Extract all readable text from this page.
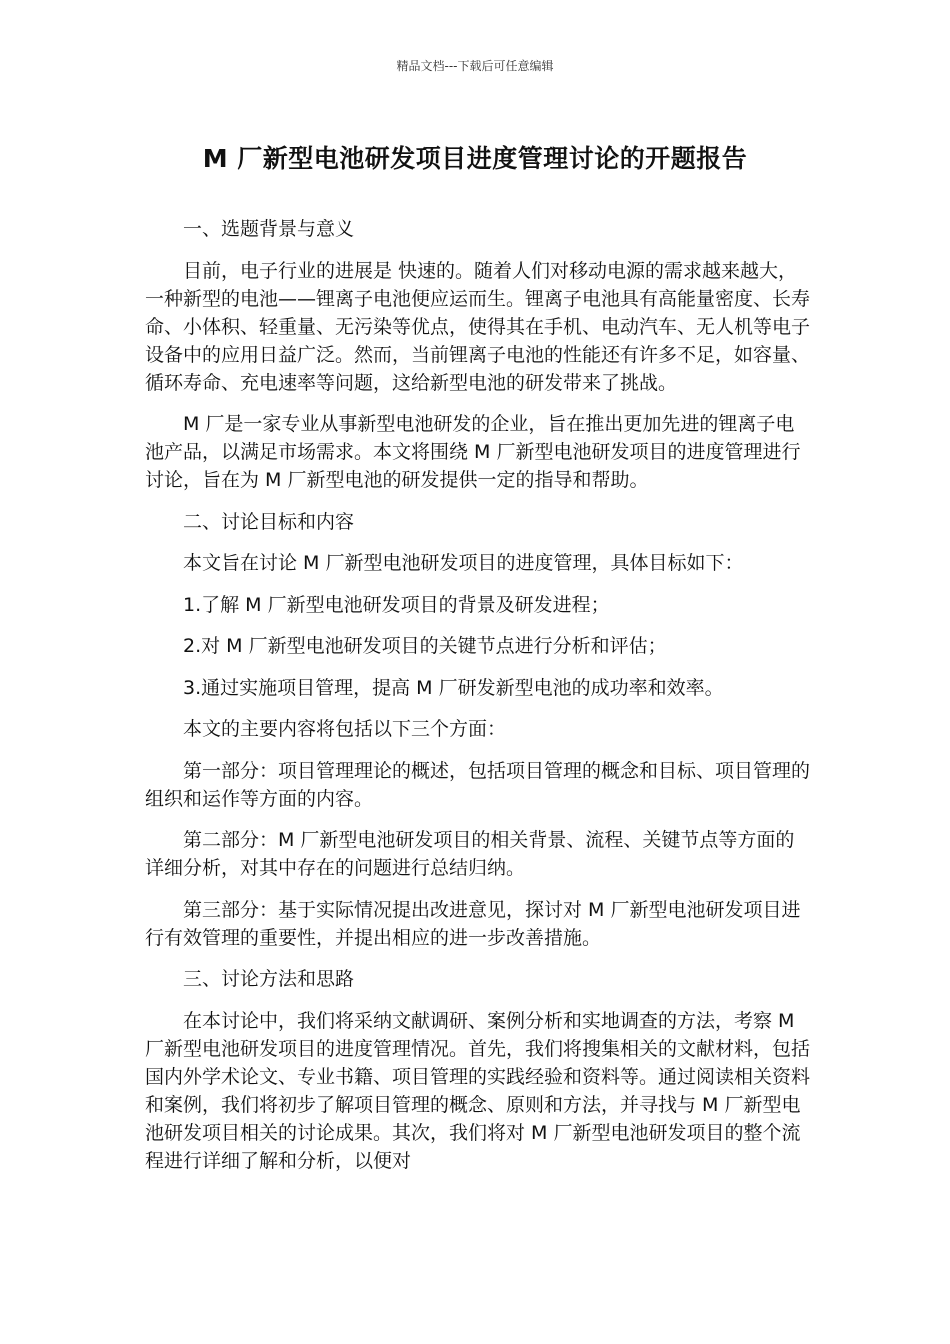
精品文档---下载后可任意编辑
M 厂新型电池研发项目进度管理讨论的开题报告

一、选题背景与意义

目前，电子行业的进展是 快速的。随着人们对移动电源的需求越来越大，一种新型的电池——锂离子电池便应运而生。锂离子电池具有高能量密度、长寿命、小体积、轻重量、无污染等优点，使得其在手机、电动汽车、无人机等电子设备中的应用日益广泛。然而，当前锂离子电池的性能还有许多不足，如容量、循环寿命、充电速率等问题，这给新型电池的研发带来了挑战。

M 厂是一家专业从事新型电池研发的企业，旨在推出更加先进的锂离子电池产品，以满足市场需求。本文将围绕 M 厂新型电池研发项目的进度管理进行讨论，旨在为 M 厂新型电池的研发提供一定的指导和帮助。

二、讨论目标和内容

本文旨在讨论 M 厂新型电池研发项目的进度管理，具体目标如下：

1.了解 M 厂新型电池研发项目的背景及研发进程；

2.对 M 厂新型电池研发项目的关键节点进行分析和评估；

3.通过实施项目管理，提高 M 厂研发新型电池的成功率和效率。

本文的主要内容将包括以下三个方面：

第一部分：项目管理理论的概述，包括项目管理的概念和目标、项目管理的组织和运作等方面的内容。

第二部分：M 厂新型电池研发项目的相关背景、流程、关键节点等方面的详细分析，对其中存在的问题进行总结归纳。

第三部分：基于实际情况提出改进意见，探讨对 M 厂新型电池研发项目进行有效管理的重要性，并提出相应的进一步改善措施。

三、讨论方法和思路

在本讨论中，我们将采纳文献调研、案例分析和实地调查的方法，考察 M 厂新型电池研发项目的进度管理情况。首先，我们将搜集相关的文献材料，包括国内外学术论文、专业书籍、项目管理的实践经验和资料等。通过阅读相关资料和案例，我们将初步了解项目管理的概念、原则和方法，并寻找与 M 厂新型电池研发项目相关的讨论成果。其次，我们将对 M 厂新型电池研发项目的整个流程进行详细了解和分析，以便对
